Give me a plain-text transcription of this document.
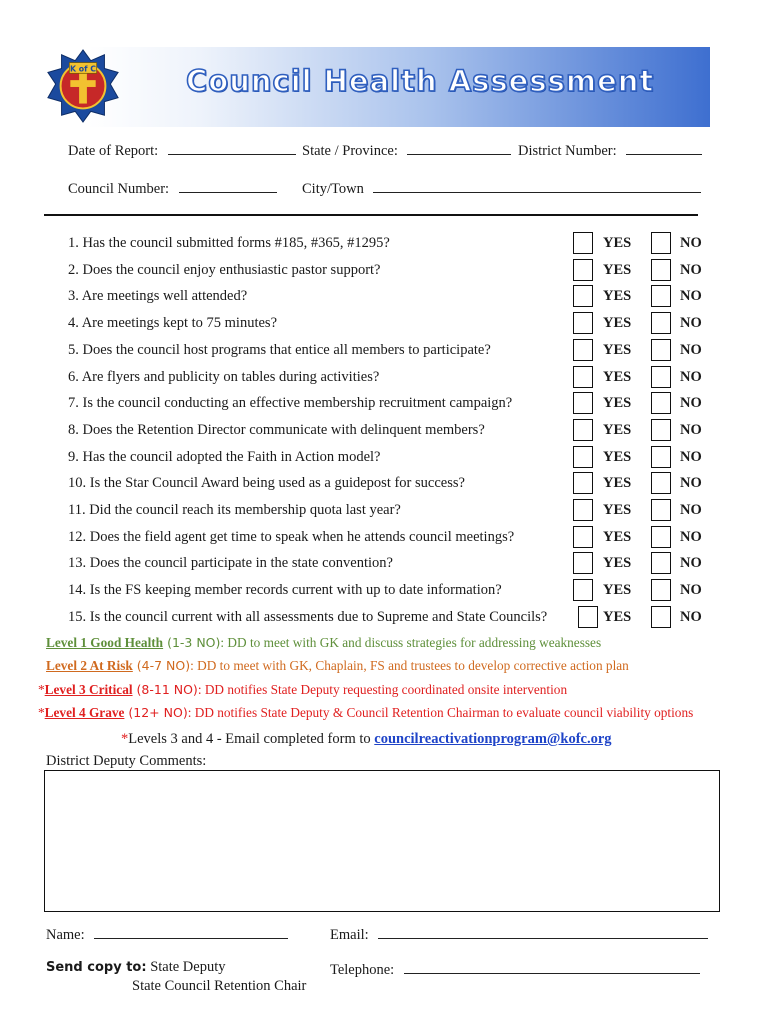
Council Health Assessment
K of C
Date of Report:	State / Province:	District Number:
Council Number:	City/Town
1. Has the council submitted forms #185, #365, #1295?	YES	NO
2. Does the council enjoy enthusiastic pastor support?	YES	NO
3. Are meetings well attended?	YES	NO
4. Are meetings kept to 75 minutes?	YES	NO
5. Does the council host programs that entice all members to participate?	YES	NO
6. Are flyers and publicity on tables during activities?	YES	NO
7. Is the council conducting an effective membership recruitment campaign?	YES	NO
8. Does the Retention Director communicate with delinquent members?	YES	NO
9. Has the council adopted the Faith in Action model?	YES	NO
10. Is the Star Council Award being used as a guidepost for success?	YES	NO
11. Did the council reach its membership quota last year?	YES	NO
12. Does the field agent get time to speak when he attends council meetings?	YES	NO
13. Does the council participate in the state convention?	YES	NO
14. Is the FS keeping member records current with up to date information?	YES	NO
15. Is the council current with all assessments due to Supreme and State Councils?	YES	NO
Level 1 Good Health (1-3 NO): DD to meet with GK and discuss strategies for addressing weaknesses
Level 2 At Risk (4-7 NO): DD to meet with GK, Chaplain, FS and trustees to develop corrective action plan
*Level 3 Critical (8-11 NO): DD notifies State Deputy requesting coordinated onsite intervention
*Level 4 Grave (12+ NO): DD notifies State Deputy & Council Retention Chairman to evaluate council viability options
*Levels 3 and 4 - Email completed form to councilreactivationprogram@kofc.org
District Deputy Comments:
Name:	Email:
Send copy to: State Deputy
State Council Retention Chair
Telephone:
